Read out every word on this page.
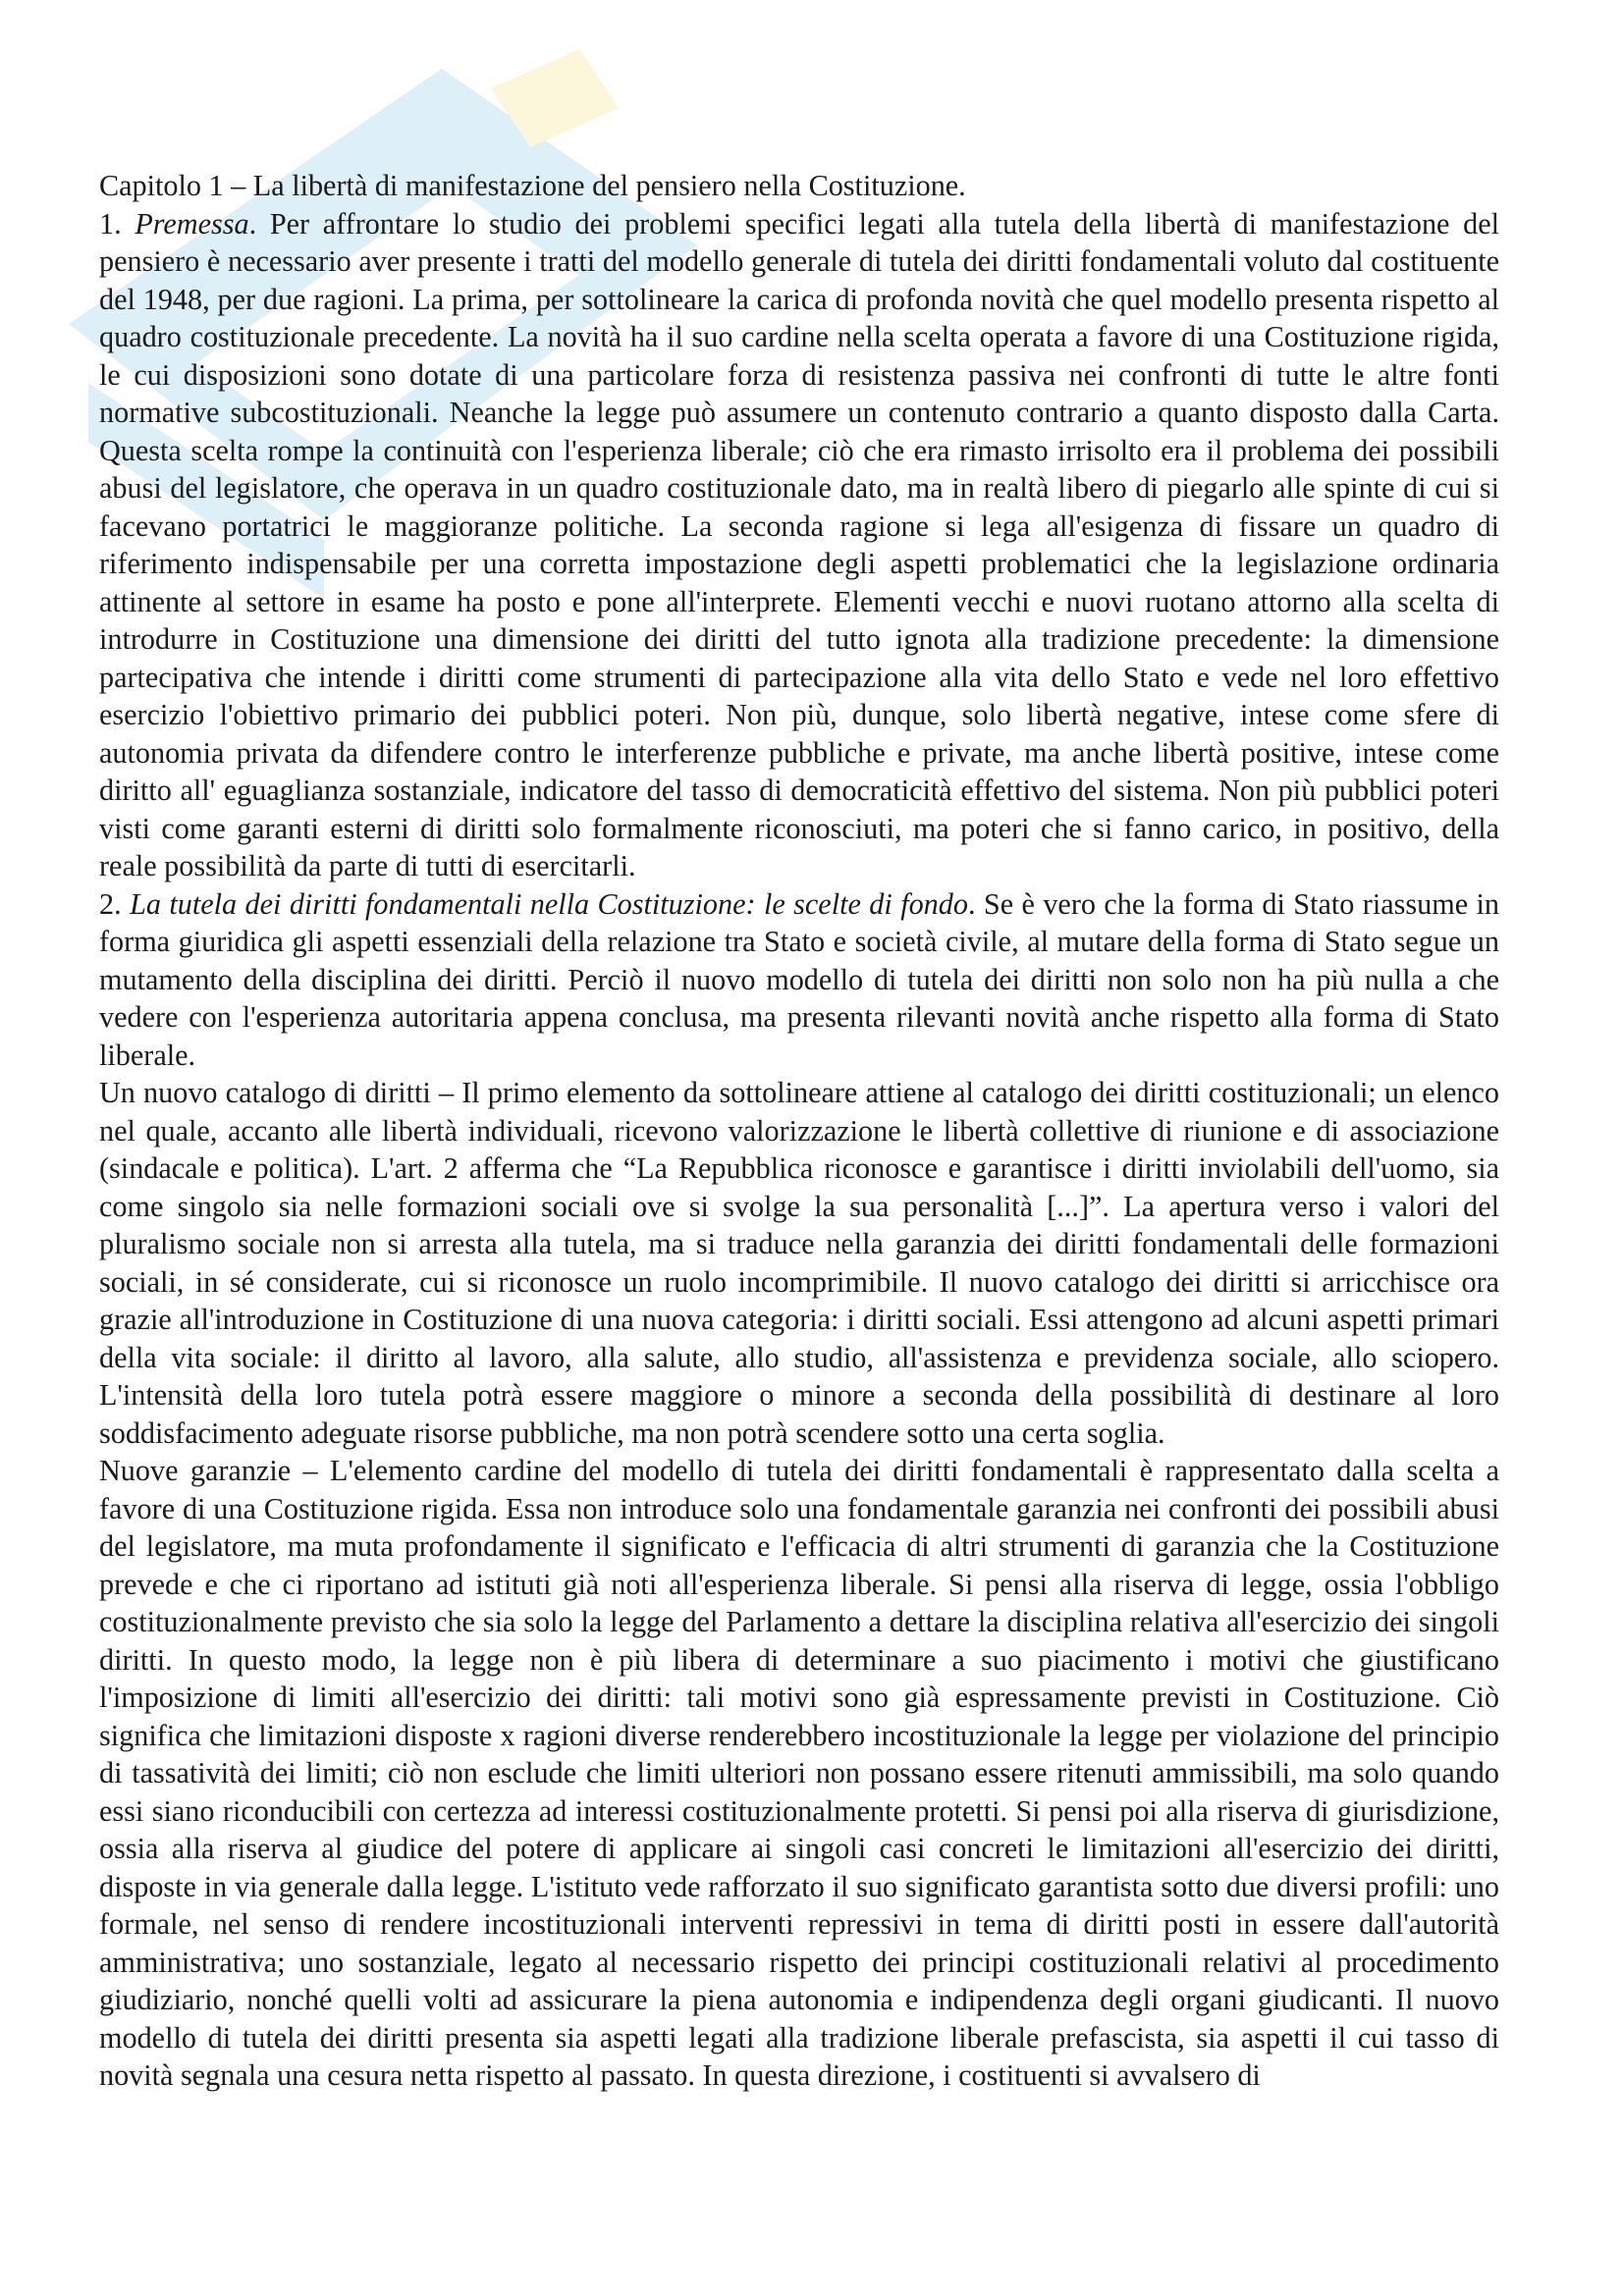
Capitolo 1 – La libertà di manifestazione del pensiero nella Costituzione.

1. Premessa. Per affrontare lo studio dei problemi specifici legati alla tutela della libertà di manifestazione del pensiero è necessario aver presente i tratti del modello generale di tutela dei diritti fondamentali voluto dal costituente del 1948, per due ragioni. La prima, per sottolineare la carica di profonda novità che quel modello presenta rispetto al quadro costituzionale precedente. La novità ha il suo cardine nella scelta operata a favore di una Costituzione rigida, le cui disposizioni sono dotate di una particolare forza di resistenza passiva nei confronti di tutte le altre fonti normative subcostituzionali. Neanche la legge può assumere un contenuto contrario a quanto disposto dalla Carta. Questa scelta rompe la continuità con l'esperienza liberale; ciò che era rimasto irrisolto era il problema dei possibili abusi del legislatore, che operava in un quadro costituzionale dato, ma in realtà libero di piegarlo alle spinte di cui si facevano portatrici le maggioranze politiche. La seconda ragione si lega all'esigenza di fissare un quadro di riferimento indispensabile per una corretta impostazione degli aspetti problematici che la legislazione ordinaria attinente al settore in esame ha posto e pone all'interprete. Elementi vecchi e nuovi ruotano attorno alla scelta di introdurre in Costituzione una dimensione dei diritti del tutto ignota alla tradizione precedente: la dimensione partecipativa che intende i diritti come strumenti di partecipazione alla vita dello Stato e vede nel loro effettivo esercizio l'obiettivo primario dei pubblici poteri. Non più, dunque, solo libertà negative, intese come sfere di autonomia privata da difendere contro le interferenze pubbliche e private, ma anche libertà positive, intese come diritto all' eguaglianza sostanziale, indicatore del tasso di democraticità effettivo del sistema. Non più pubblici poteri visti come garanti esterni di diritti solo formalmente riconosciuti, ma poteri che si fanno carico, in positivo, della reale possibilità da parte di tutti di esercitarli.

2. La tutela dei diritti fondamentali nella Costituzione: le scelte di fondo. Se è vero che la forma di Stato riassume in forma giuridica gli aspetti essenziali della relazione tra Stato e società civile, al mutare della forma di Stato segue un mutamento della disciplina dei diritti. Perciò il nuovo modello di tutela dei diritti non solo non ha più nulla a che vedere con l'esperienza autoritaria appena conclusa, ma presenta rilevanti novità anche rispetto alla forma di Stato liberale.

Un nuovo catalogo di diritti – Il primo elemento da sottolineare attiene al catalogo dei diritti costituzionali; un elenco nel quale, accanto alle libertà individuali, ricevono valorizzazione le libertà collettive di riunione e di associazione (sindacale e politica). L'art. 2 afferma che “La Repubblica riconosce e garantisce i diritti inviolabili dell'uomo, sia come singolo sia nelle formazioni sociali ove si svolge la sua personalità [...]”. La apertura verso i valori del pluralismo sociale non si arresta alla tutela, ma si traduce nella garanzia dei diritti fondamentali delle formazioni sociali, in sé considerate, cui si riconosce un ruolo incomprimibile. Il nuovo catalogo dei diritti si arricchisce ora grazie all'introduzione in Costituzione di una nuova categoria: i diritti sociali. Essi attengono ad alcuni aspetti primari della vita sociale: il diritto al lavoro, alla salute, allo studio, all'assistenza e previdenza sociale, allo sciopero. L'intensità della loro tutela potrà essere maggiore o minore a seconda della possibilità di destinare al loro soddisfacimento adeguate risorse pubbliche, ma non potrà scendere sotto una certa soglia.

Nuove garanzie – L'elemento cardine del modello di tutela dei diritti fondamentali è rappresentato dalla scelta a favore di una Costituzione rigida. Essa non introduce solo una fondamentale garanzia nei confronti dei possibili abusi del legislatore, ma muta profondamente il significato e l'efficacia di altri strumenti di garanzia che la Costituzione prevede e che ci riportano ad istituti già noti all'esperienza liberale. Si pensi alla riserva di legge, ossia l'obbligo costituzionalmente previsto che sia solo la legge del Parlamento a dettare la disciplina relativa all'esercizio dei singoli diritti. In questo modo, la legge non è più libera di determinare a suo piacimento i motivi che giustificano l'imposizione di limiti all'esercizio dei diritti: tali motivi sono già espressamente previsti in Costituzione. Ciò significa che limitazioni disposte x ragioni diverse renderebbero incostituzionale la legge per violazione del principio di tassatività dei limiti; ciò non esclude che limiti ulteriori non possano essere ritenuti ammissibili, ma solo quando essi siano riconducibili con certezza ad interessi costituzionalmente protetti. Si pensi poi alla riserva di giurisdizione, ossia alla riserva al giudice del potere di applicare ai singoli casi concreti le limitazioni all'esercizio dei diritti, disposte in via generale dalla legge. L'istituto vede rafforzato il suo significato garantista sotto due diversi profili: uno formale, nel senso di rendere incostituzionali interventi repressivi in tema di diritti posti in essere dall'autorità amministrativa; uno sostanziale, legato al necessario rispetto dei principi costituzionali relativi al procedimento giudiziario, nonché quelli volti ad assicurare la piena autonomia e indipendenza degli organi giudicanti. Il nuovo modello di tutela dei diritti presenta sia aspetti legati alla tradizione liberale prefascista, sia aspetti il cui tasso di novità segnala una cesura netta rispetto al passato. In questa direzione, i costituenti si avvalsero di
